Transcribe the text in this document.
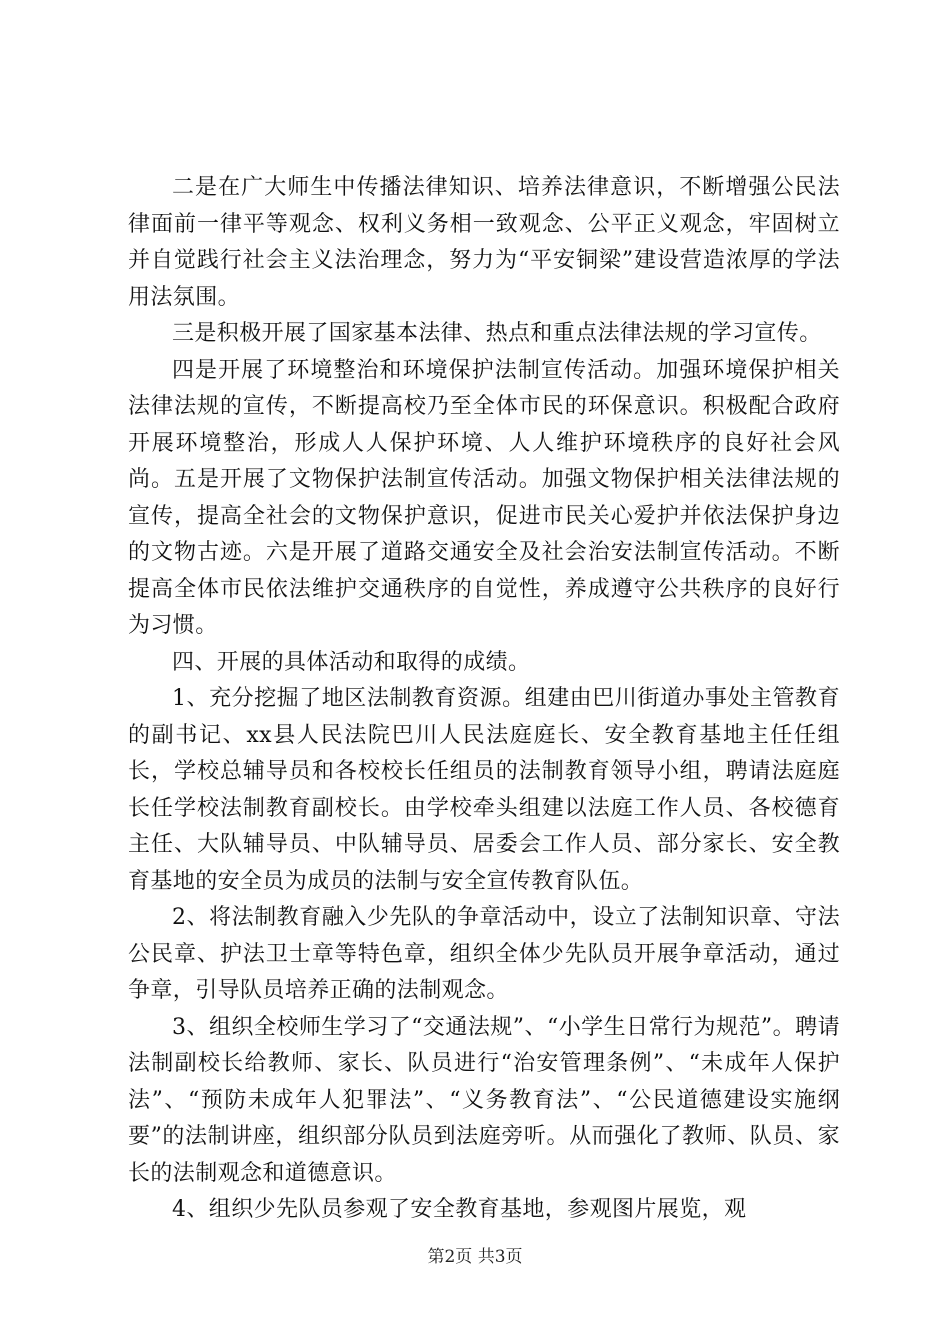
二是在广大师生中传播法律知识、培养法律意识，不断增强公民法律面前一律平等观念、权利义务相一致观念、公平正义观念，牢固树立并自觉践行社会主义法治理念，努力为“平安铜梁”建设营造浓厚的学法用法氛围。

三是积极开展了国家基本法律、热点和重点法律法规的学习宣传。

四是开展了环境整治和环境保护法制宣传活动。加强环境保护相关法律法规的宣传，不断提高校乃至全体市民的环保意识。积极配合政府开展环境整治，形成人人保护环境、人人维护环境秩序的良好社会风尚。五是开展了文物保护法制宣传活动。加强文物保护相关法律法规的宣传，提高全社会的文物保护意识，促进市民关心爱护并依法保护身边的文物古迹。六是开展了道路交通安全及社会治安法制宣传活动。不断提高全体市民依法维护交通秩序的自觉性，养成遵守公共秩序的良好行为习惯。

四、开展的具体活动和取得的成绩。

1、充分挖掘了地区法制教育资源。组建由巴川街道办事处主管教育的副书记、xx县人民法院巴川人民法庭庭长、安全教育基地主任任组长，学校总辅导员和各校校长任组员的法制教育领导小组，聘请法庭庭长任学校法制教育副校长。由学校牵头组建以法庭工作人员、各校德育主任、大队辅导员、中队辅导员、居委会工作人员、部分家长、安全教育基地的安全员为成员的法制与安全宣传教育队伍。

2、将法制教育融入少先队的争章活动中，设立了法制知识章、守法公民章、护法卫士章等特色章，组织全体少先队员开展争章活动，通过争章，引导队员培养正确的法制观念。

3、组织全校师生学习了“交通法规”、“小学生日常行为规范”。聘请法制副校长给教师、家长、队员进行“治安管理条例”、“未成年人保护法”、“预防未成年人犯罪法”、“义务教育法”、“公民道德建设实施纲要”的法制讲座，组织部分队员到法庭旁听。从而强化了教师、队员、家长的法制观念和道德意识。

4、组织少先队员参观了安全教育基地，参观图片展览，观

第2页 共3页
